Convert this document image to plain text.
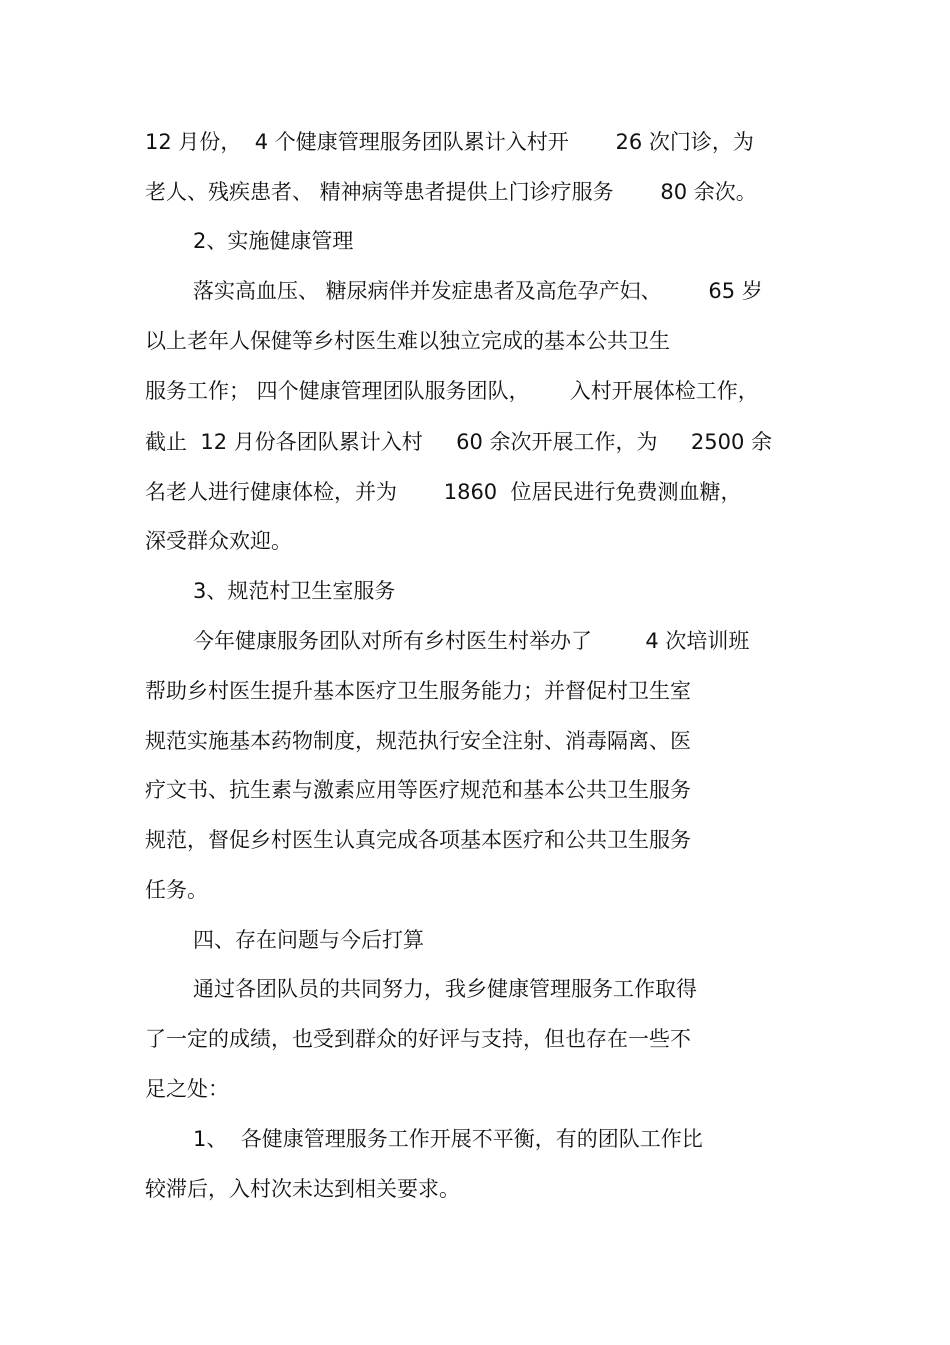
12 月份，  4 个健康管理服务团队累计入村开       26 次门诊，为
老人、残疾患者、 精神病等患者提供上门诊疗服务       80 余次。
2、实施健康管理
落实高血压、 糖尿病伴并发症患者及高危孕产妇、       65 岁
以上老年人保健等乡村医生难以独立完成的基本公共卫生
服务工作； 四个健康管理团队服务团队，      入村开展体检工作，
截止  12 月份各团队累计入村     60 余次开展工作，为     2500 余
名老人进行健康体检，并为       1860  位居民进行免费测血糖，
深受群众欢迎。
3、规范村卫生室服务
今年健康服务团队对所有乡村医生村举办了        4 次培训班
帮助乡村医生提升基本医疗卫生服务能力；并督促村卫生室
规范实施基本药物制度，规范执行安全注射、消毒隔离、医
疗文书、抗生素与激素应用等医疗规范和基本公共卫生服务
规范，督促乡村医生认真完成各项基本医疗和公共卫生服务
任务。
四、存在问题与今后打算
通过各团队员的共同努力，我乡健康管理服务工作取得
了一定的成绩，也受到群众的好评与支持，但也存在一些不
足之处：
1、  各健康管理服务工作开展不平衡，有的团队工作比
较滞后，入村次未达到相关要求。
